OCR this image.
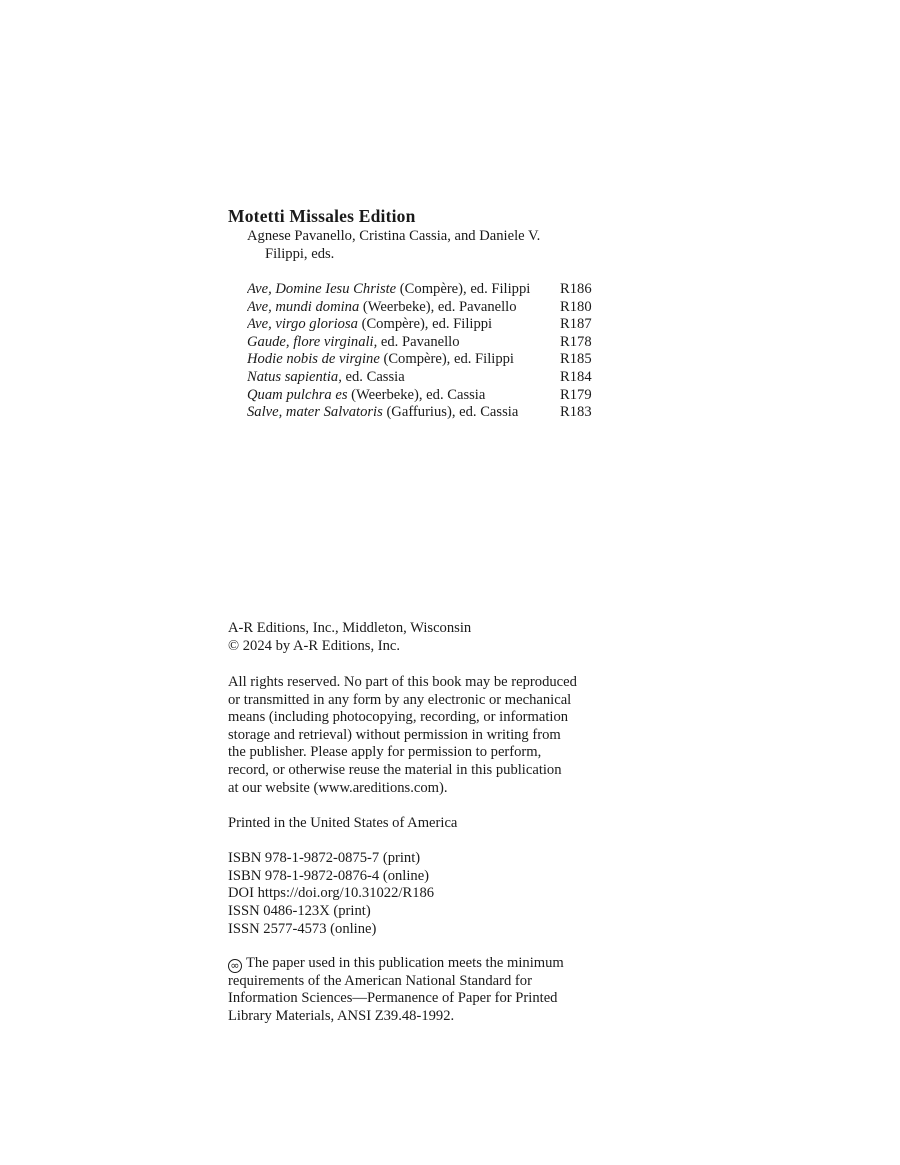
Motetti Missales Edition
Agnese Pavanello, Cristina Cassia, and Daniele V.
Filippi, eds.
Ave, Domine Iesu Christe (Compère), ed. Filippi	R186
Ave, mundi domina (Weerbeke), ed. Pavanello	R180
Ave, virgo gloriosa (Compère), ed. Filippi	R187
Gaude, flore virginali, ed. Pavanello	R178
Hodie nobis de virgine (Compère), ed. Filippi	R185
Natus sapientia, ed. Cassia	R184
Quam pulchra es (Weerbeke), ed. Cassia	R179
Salve, mater Salvatoris (Gaffurius), ed. Cassia	R183
A-R Editions, Inc., Middleton, Wisconsin
© 2024 by A-R Editions, Inc.
All rights reserved. No part of this book may be reproduced
or transmitted in any form by any electronic or mechanical
means (including photocopying, recording, or information
storage and retrieval) without permission in writing from
the publisher. Please apply for permission to perform,
record, or otherwise reuse the material in this publication
at our website (www.areditions.com).
Printed in the United States of America
ISBN 978-1-9872-0875-7 (print)
ISBN 978-1-9872-0876-4 (online)
DOI https://doi.org/10.31022/R186
ISSN 0486-123X (print)
ISSN 2577-4573 (online)
∞ The paper used in this publication meets the minimum
requirements of the American National Standard for
Information Sciences—Permanence of Paper for Printed
Library Materials, ANSI Z39.48-1992.
